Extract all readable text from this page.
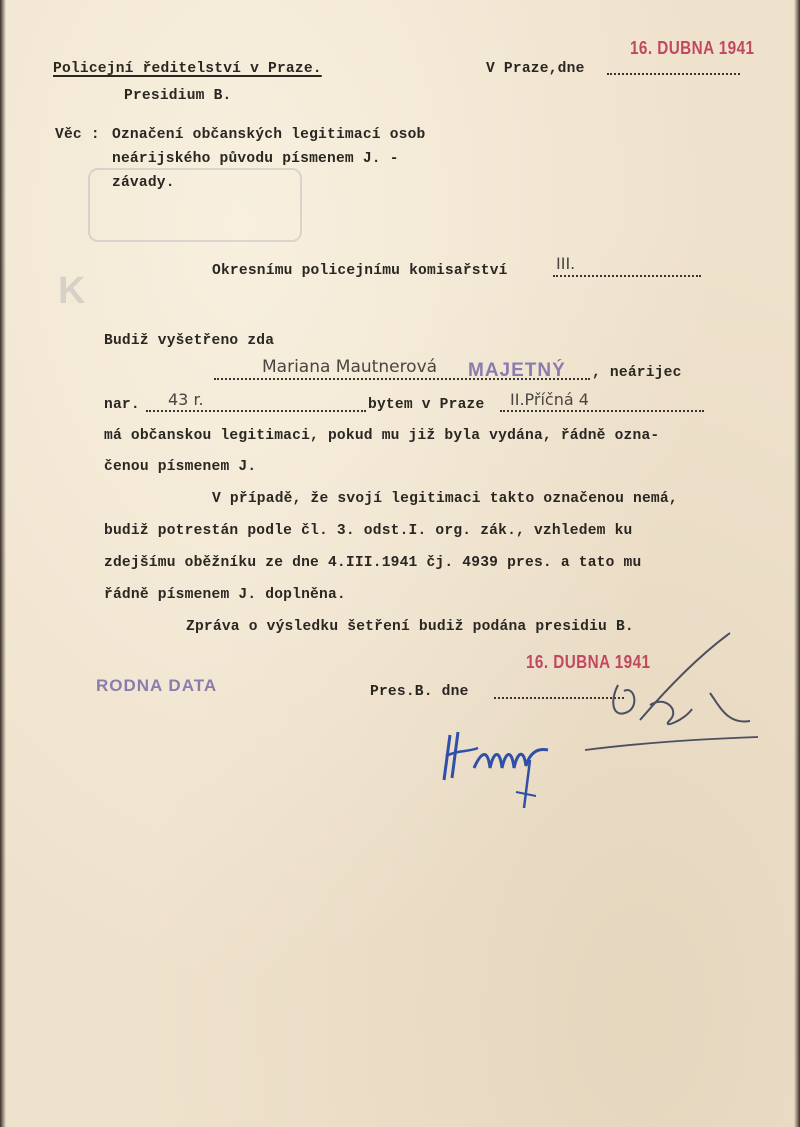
K
Policejní ředitelství v Praze.
Presidium B.
V Praze,dne
16. DUBNA 1941
Věc : Označení občanských legitimací osob
neárijského původu písmenem J. -
závady.
Okresnímu policejnímu komisařství	III.
Budiž vyšetřeno zda
Mariana Mautnerová MAJETNÝ , neárijec
nar. 43 r.	bytem v Praze II.Příčná 4
má občanskou legitimaci, pokud mu již byla vydána, řádně ozna-
čenou písmenem J.
V případě, že svojí legitimaci takto označenou nemá,
budiž potrestán podle čl. 3. odst.I. org. zák., vzhledem ku
zdejšímu oběžníku ze dne 4.III.1941 čj. 4939 pres. a tato mu
řádně písmenem J. doplněna.
Zpráva o výsledku šetření budiž podána presidiu B.
RODNA DATA
16. DUBNA 1941
Pres.B. dne
